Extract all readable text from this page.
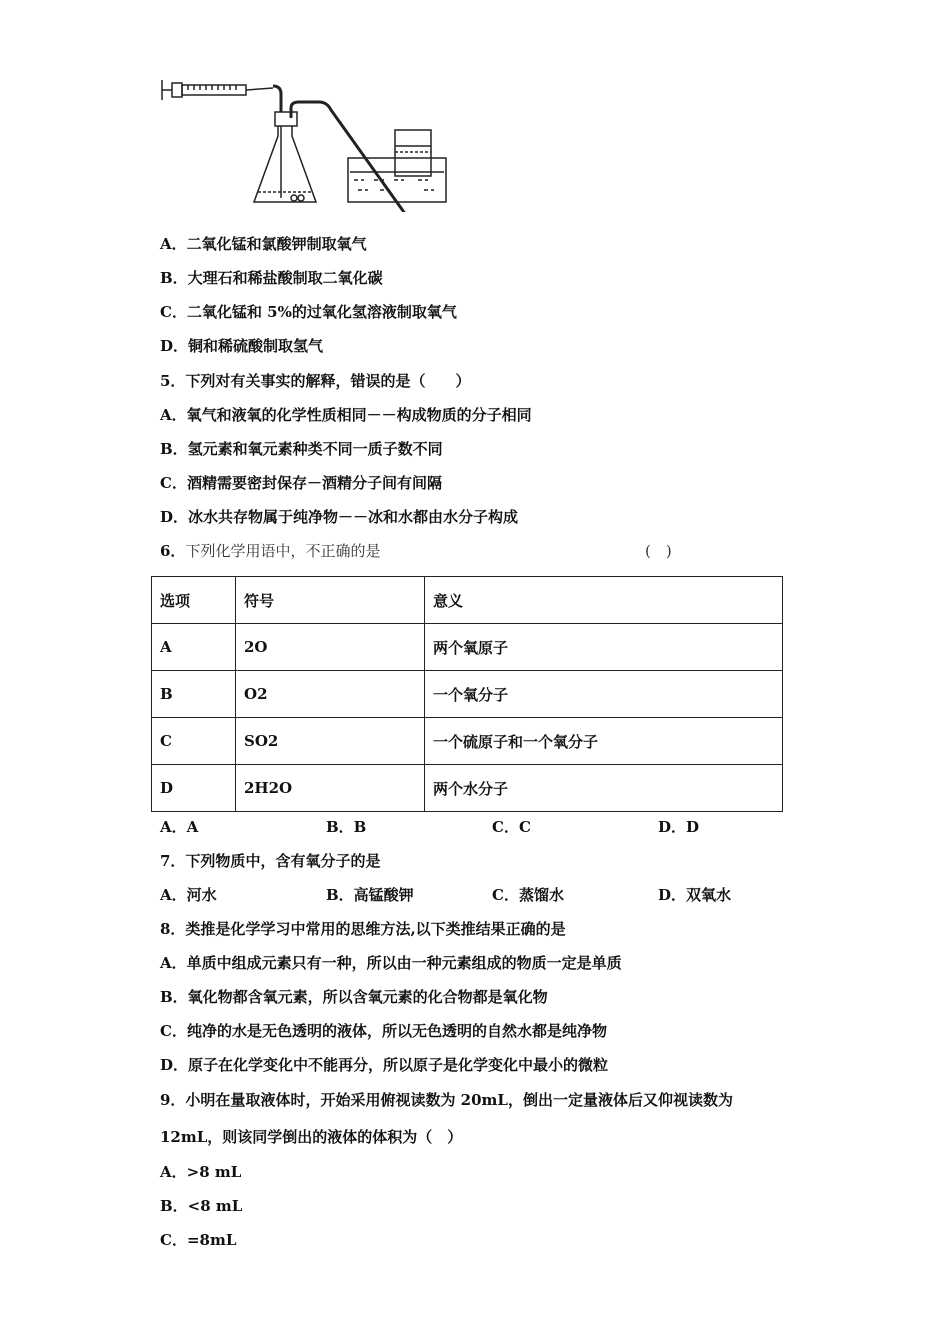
A．二氧化锰和氯酸钾制取氧气
B．大理石和稀盐酸制取二氧化碳
C．二氧化锰和 5%的过氧化氢溶液制取氧气
D．铜和稀硫酸制取氢气
5．下列对有关事实的解释，错误的是（　　）
A．氧气和液氧的化学性质相同－－构成物质的分子相同
B．氢元素和氧元素种类不同一质子数不同
C．酒精需要密封保存－酒精分子间有间隔
D．冰水共存物属于纯净物－－冰和水都由水分子构成
6．下列化学用语中，不正确的是	(　)
选项	符号	意义
A	2O	两个氧原子
B	O2	一个氧分子
C	SO2	一个硫原子和一个氧分子
D	2H2O	两个水分子
A．A	B．B	C．C	D．D
7．下列物质中，含有氧分子的是
A．河水	B．高锰酸钾	C．蒸馏水	D．双氧水
8．类推是化学学习中常用的思维方法,以下类推结果正确的是
A．单质中组成元素只有一种，所以由一种元素组成的物质一定是单质
B．氧化物都含氧元素，所以含氧元素的化合物都是氧化物
C．纯净的水是无色透明的液体，所以无色透明的自然水都是纯净物
D．原子在化学变化中不能再分，所以原子是化学变化中最小的微粒
9．小明在量取液体时，开始采用俯视读数为 20mL，倒出一定量液体后又仰视读数为
12mL，则该同学倒出的液体的体积为（　）
A．>8 mL
B．<8 mL
C．=8mL
